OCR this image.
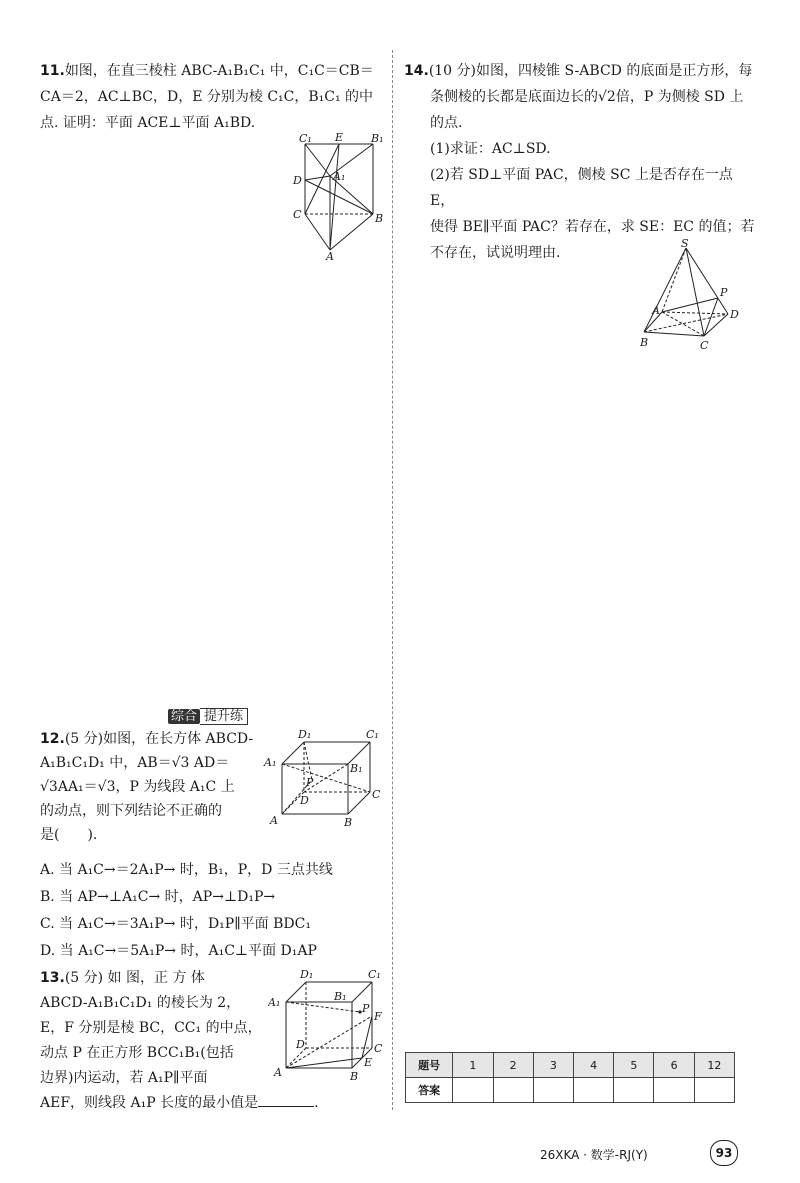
11.如图，在直三棱柱 ABC-A₁B₁C₁ 中，C₁C＝CB＝

CA＝2，AC⊥BC，D，E 分别为棱 C₁C，B₁C₁ 的中

点. 证明：平面 ACE⊥平面 A₁BD.

C₁ E	B₁
D	A₁
C	B
A

14.(10 分)如图，四棱锥 S-ABCD 的底面是正方形，每

条侧棱的长都是底面边长的√2倍，P 为侧棱 SD 上

的点.

(1)求证：AC⊥SD.

(2)若 SD⊥平面 PAC，侧棱 SC 上是否存在一点 E，

使得 BE∥平面 PAC？若存在，求 SE：EC 的值；若

不存在，试说明理由.

S
P
A	D
B	C
综合 提升练

12.(5 分)如图，在长方体 ABCD-

A₁B₁C₁D₁ 中，AB＝√3 AD＝

√3AA₁＝√3，P 为线段 A₁C 上

的动点，则下列结论不正确的

是(　　).

D₁	C₁
A₁	B₁
P
D	C
A	B

A. 当 A₁C→＝2A₁P→ 时，B₁，P，D 三点共线

B. 当 AP→⊥A₁C→ 时，AP→⊥D₁P→

C. 当 A₁C→＝3A₁P→ 时，D₁P∥平面 BDC₁

D. 当 A₁C→＝5A₁P→ 时，A₁C⊥平面 D₁AP

13.(5 分) 如 图，正 方 体

ABCD-A₁B₁C₁D₁ 的棱长为 2，

E，F 分别是棱 BC，CC₁ 的中点，

动点 P 在正方形 BCC₁B₁(包括

边界)内运动，若 A₁P∥平面

AEF，则线段 A₁P 长度的最小值是	.

D₁	C₁
A₁	B₁
P
F
D	C
A	B
E	题号	1	2	3	4	5	6	12
答案							
26XKA · 数学-RJ(Y)	93
